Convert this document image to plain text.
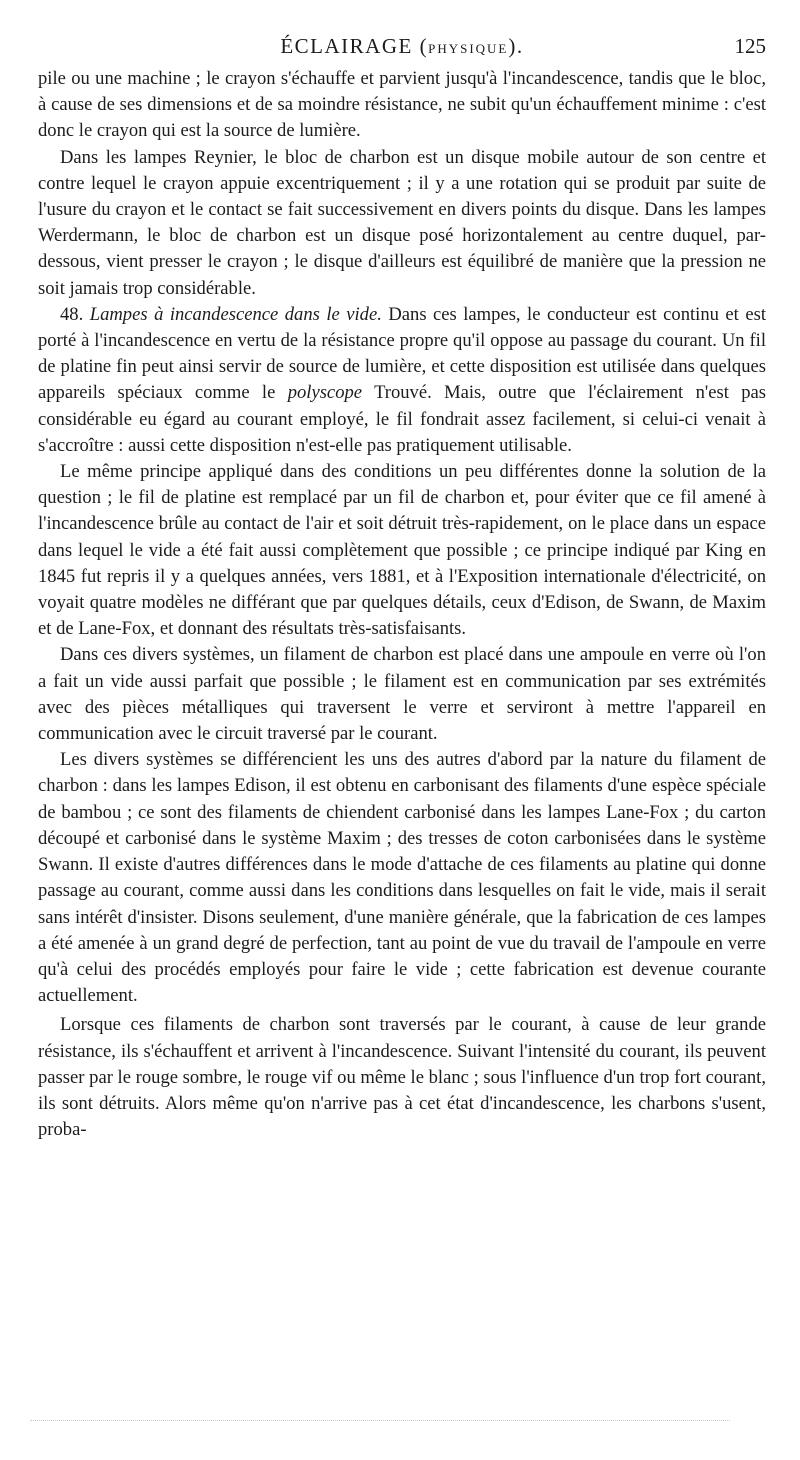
ÉCLAIRAGE (PHYSIQUE).	125

pile ou une machine ; le crayon s'échauffe et parvient jusqu'à l'incandescence, tandis que le bloc, à cause de ses dimensions et de sa moindre résistance, ne subit qu'un échauffement minime : c'est donc le crayon qui est la source de lumière.

Dans les lampes Reynier, le bloc de charbon est un disque mobile autour de son centre et contre lequel le crayon appuie excentriquement ; il y a une rotation qui se produit par suite de l'usure du crayon et le contact se fait successivement en divers points du disque. Dans les lampes Werdermann, le bloc de charbon est un disque posé horizontalement au centre duquel, par-dessous, vient presser le crayon ; le disque d'ailleurs est équilibré de manière que la pression ne soit jamais trop considérable.

48. Lampes à incandescence dans le vide. Dans ces lampes, le conducteur est continu et est porté à l'incandescence en vertu de la résistance propre qu'il oppose au passage du courant. Un fil de platine fin peut ainsi servir de source de lumière, et cette disposition est utilisée dans quelques appareils spéciaux comme le polyscope Trouvé. Mais, outre que l'éclairement n'est pas considérable eu égard au courant employé, le fil fondrait assez facilement, si celui-ci venait à s'accroître : aussi cette disposition n'est-elle pas pratiquement utilisable.

Le même principe appliqué dans des conditions un peu différentes donne la solution de la question ; le fil de platine est remplacé par un fil de charbon et, pour éviter que ce fil amené à l'incandescence brûle au contact de l'air et soit détruit très-rapidement, on le place dans un espace dans lequel le vide a été fait aussi complètement que possible ; ce principe indiqué par King en 1845 fut repris il y a quelques années, vers 1881, et à l'Exposition internationale d'électricité, on voyait quatre modèles ne différant que par quelques détails, ceux d'Edison, de Swann, de Maxim et de Lane-Fox, et donnant des résultats très-satisfaisants.

Dans ces divers systèmes, un filament de charbon est placé dans une ampoule en verre où l'on a fait un vide aussi parfait que possible ; le filament est en communication par ses extrémités avec des pièces métalliques qui traversent le verre et serviront à mettre l'appareil en communication avec le circuit traversé par le courant.

Les divers systèmes se différencient les uns des autres d'abord par la nature du filament de charbon : dans les lampes Edison, il est obtenu en carbonisant des filaments d'une espèce spéciale de bambou ; ce sont des filaments de chiendent carbonisé dans les lampes Lane-Fox ; du carton découpé et carbonisé dans le système Maxim ; des tresses de coton carbonisées dans le système Swann. Il existe d'autres différences dans le mode d'attache de ces filaments au platine qui donne passage au courant, comme aussi dans les conditions dans lesquelles on fait le vide, mais il serait sans intérêt d'insister. Disons seulement, d'une manière générale, que la fabrication de ces lampes a été amenée à un grand degré de perfection, tant au point de vue du travail de l'ampoule en verre qu'à celui des procédés employés pour faire le vide ; cette fabrication est devenue courante actuellement.

Lorsque ces filaments de charbon sont traversés par le courant, à cause de leur grande résistance, ils s'échauffent et arrivent à l'incandescence. Suivant l'intensité du courant, ils peuvent passer par le rouge sombre, le rouge vif ou même le blanc ; sous l'influence d'un trop fort courant, ils sont détruits. Alors même qu'on n'arrive pas à cet état d'incandescence, les charbons s'usent, proba-
